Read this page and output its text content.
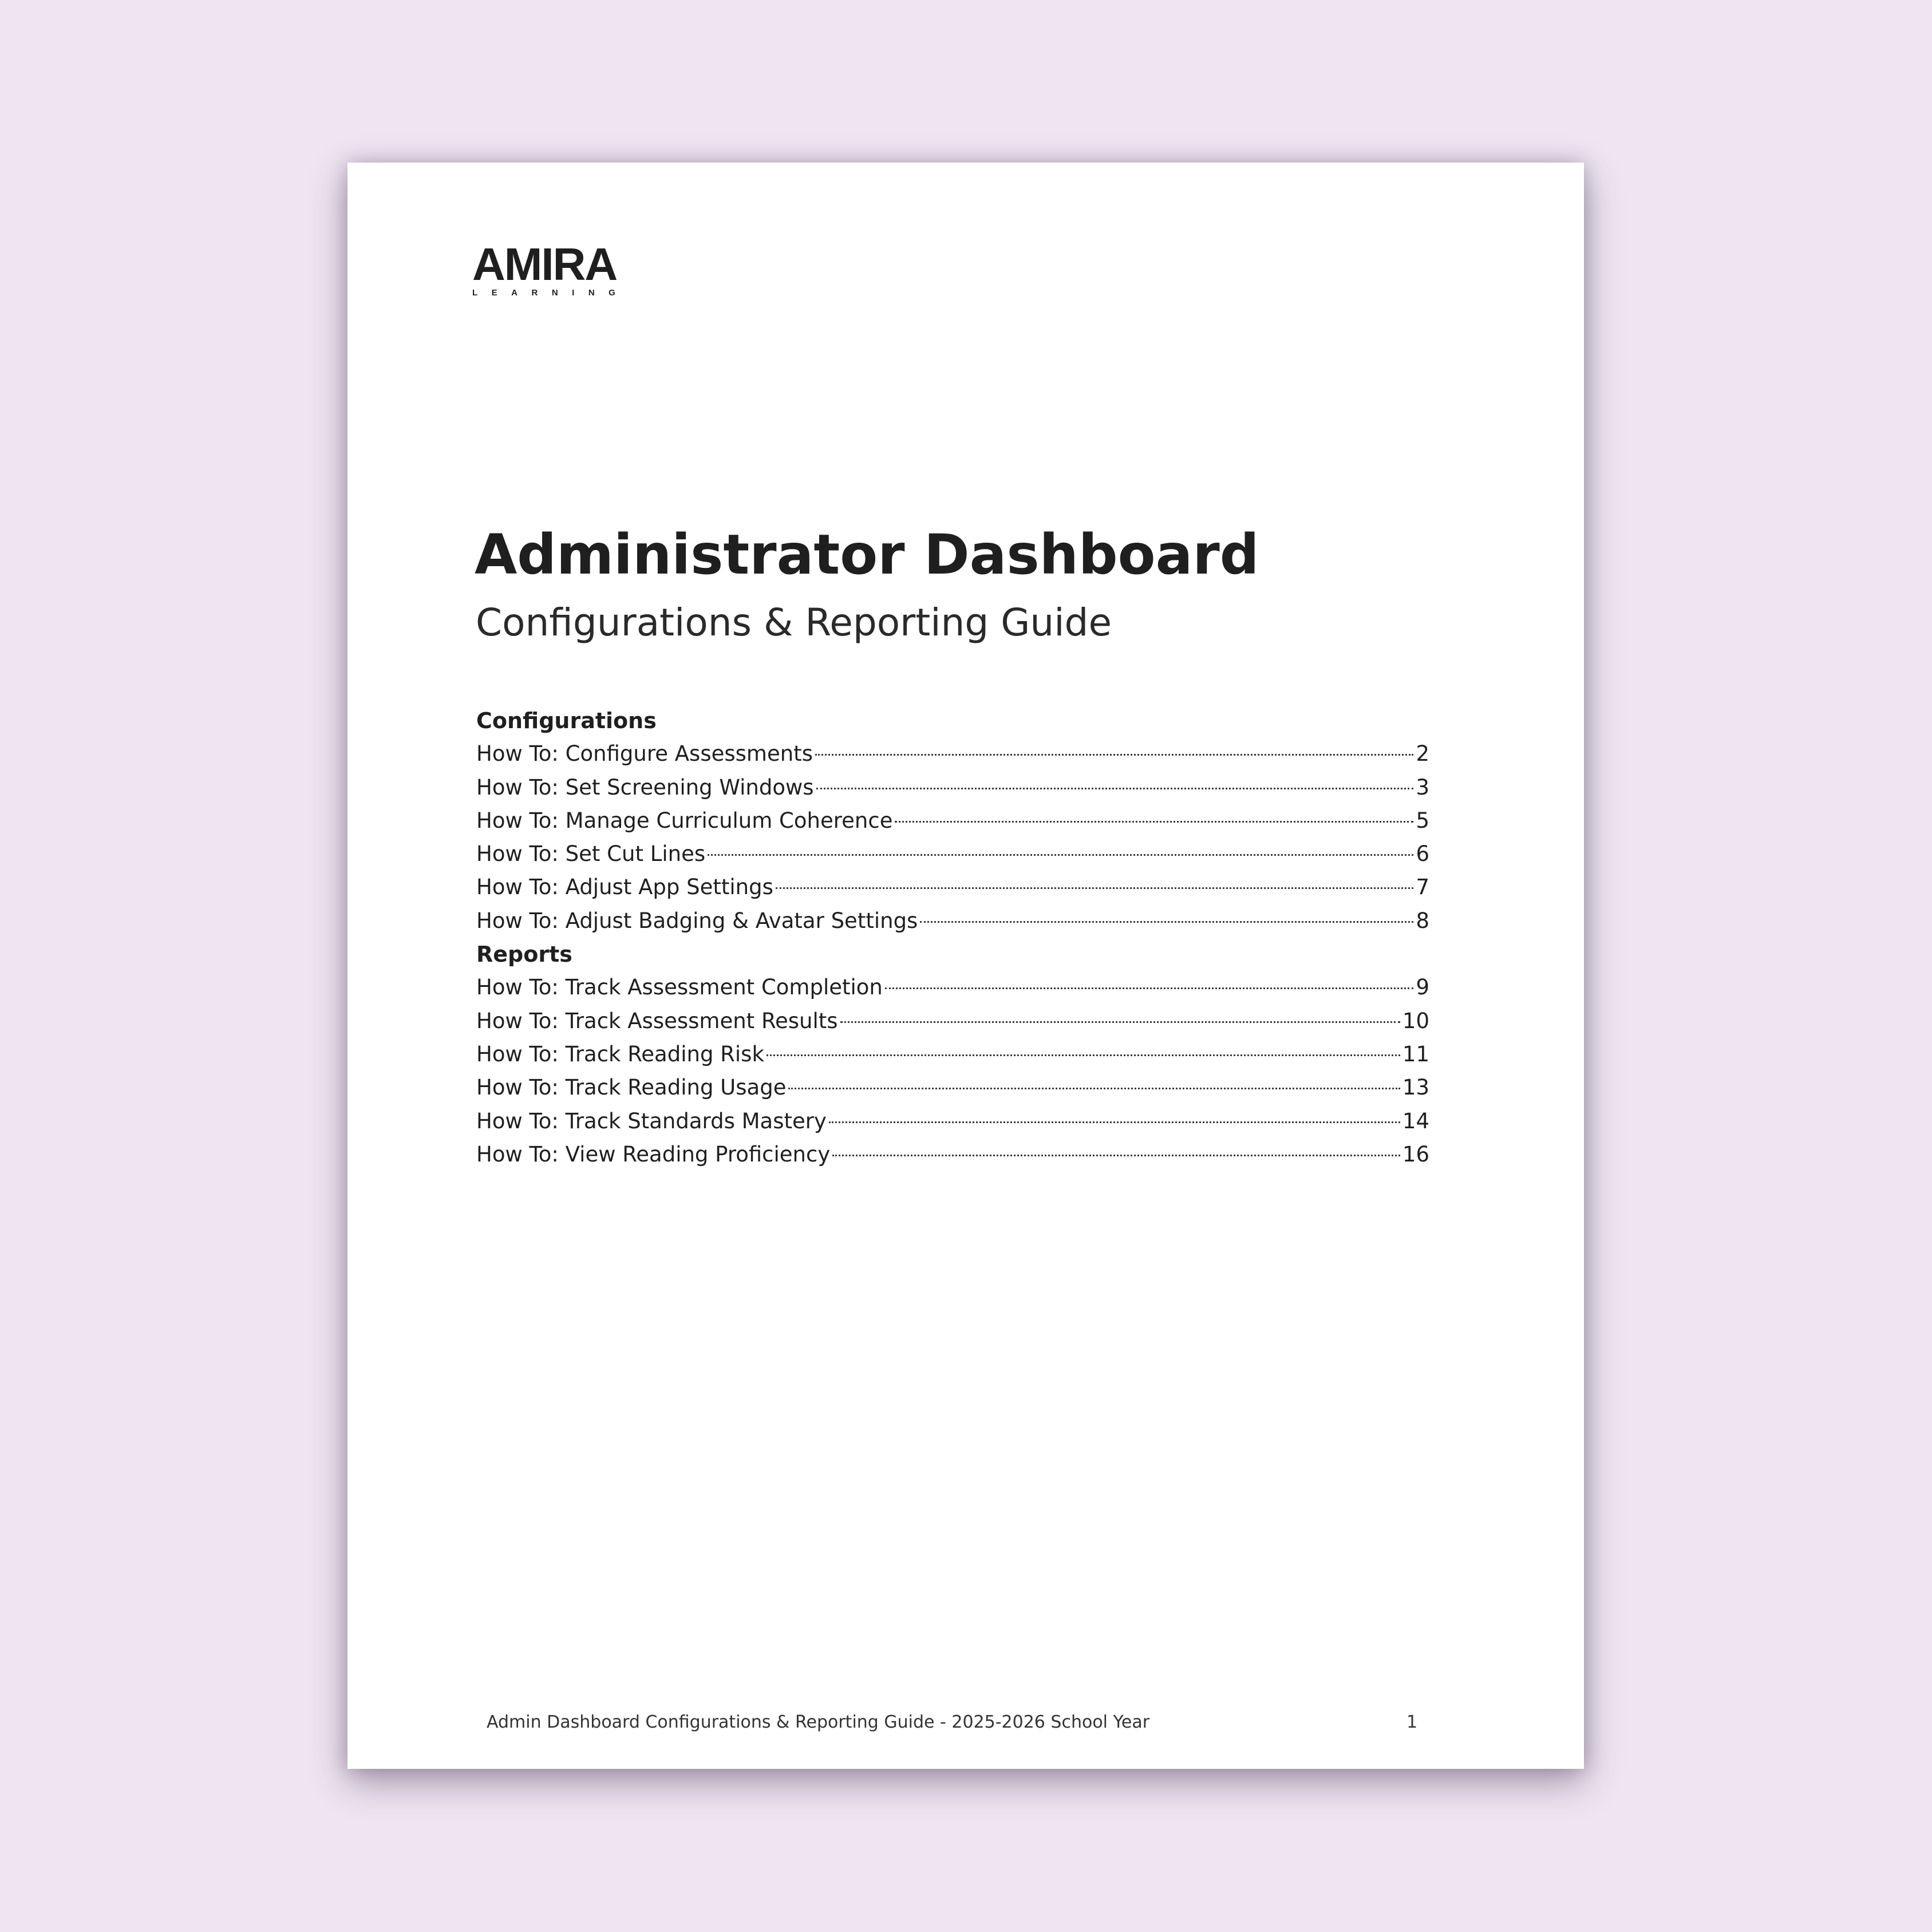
AMIRA
LEARNING
Administrator Dashboard
Configurations & Reporting Guide
Configurations
How To: Configure Assessments	2
How To: Set Screening Windows	3
How To: Manage Curriculum Coherence	5
How To: Set Cut Lines	6
How To: Adjust App Settings	7
How To: Adjust Badging & Avatar Settings	8
Reports
How To: Track Assessment Completion	9
How To: Track Assessment Results	10
How To: Track Reading Risk	11
How To: Track Reading Usage	13
How To: Track Standards Mastery	14
How To: View Reading Proficiency	16
Admin Dashboard Configurations & Reporting Guide - 2025-2026 School Year	1
